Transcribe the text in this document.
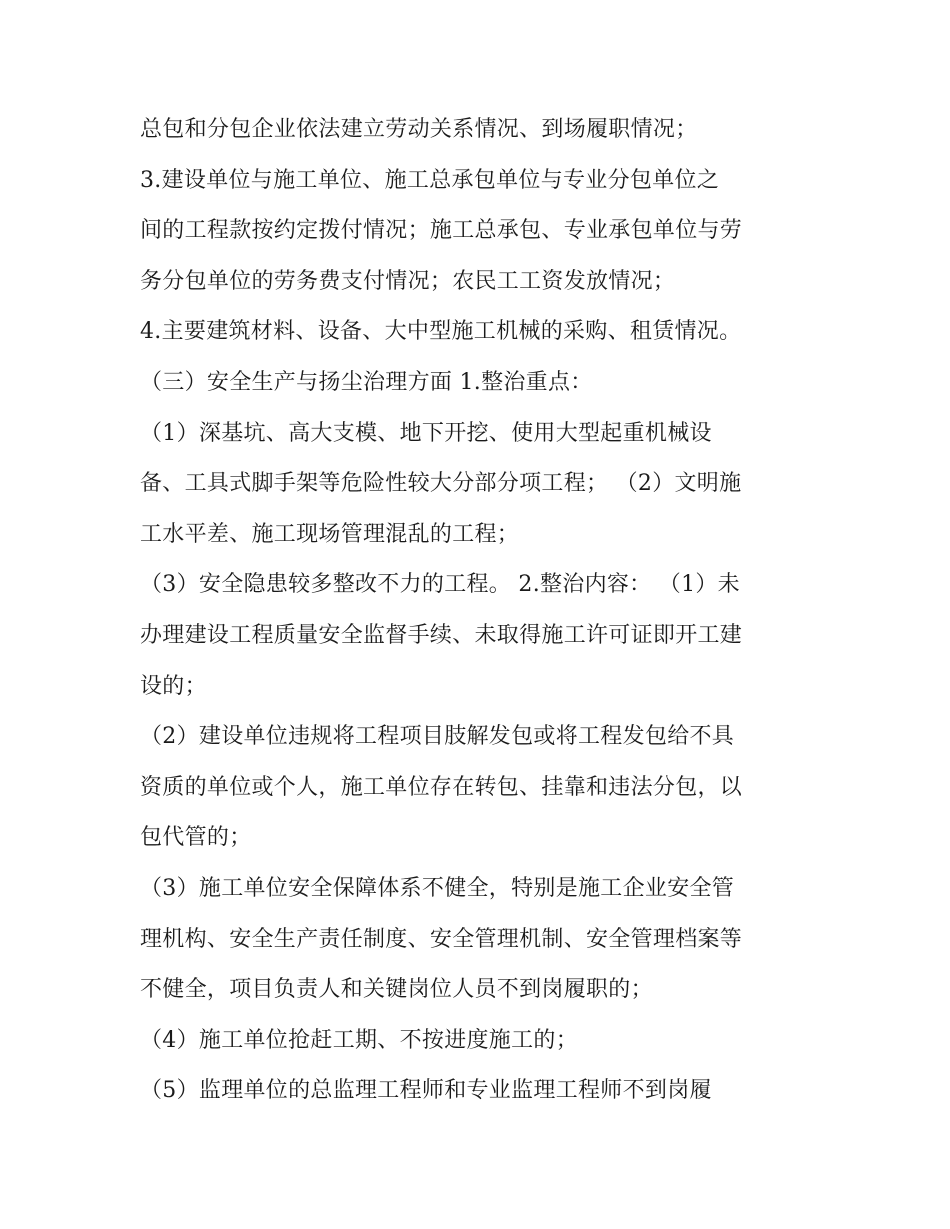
总包和分包企业依法建立劳动关系情况、到场履职情况；
3.建设单位与施工单位、施工总承包单位与专业分包单位之
间的工程款按约定拨付情况；施工总承包、专业承包单位与劳
务分包单位的劳务费支付情况；农民工工资发放情况；
4.主要建筑材料、设备、大中型施工机械的采购、租赁情况。
（三）安全生产与扬尘治理方面 1.整治重点：
（1）深基坑、高大支模、地下开挖、使用大型起重机械设
备、工具式脚手架等危险性较大分部分项工程； （2）文明施
工水平差、施工现场管理混乱的工程；
（3）安全隐患较多整改不力的工程。 2.整治内容： （1）未
办理建设工程质量安全监督手续、未取得施工许可证即开工建
设的；
（2）建设单位违规将工程项目肢解发包或将工程发包给不具
资质的单位或个人，施工单位存在转包、挂靠和违法分包，以
包代管的；
（3）施工单位安全保障体系不健全，特别是施工企业安全管
理机构、安全生产责任制度、安全管理机制、安全管理档案等
不健全，项目负责人和关键岗位人员不到岗履职的；
（4）施工单位抢赶工期、不按进度施工的；
（5）监理单位的总监理工程师和专业监理工程师不到岗履
